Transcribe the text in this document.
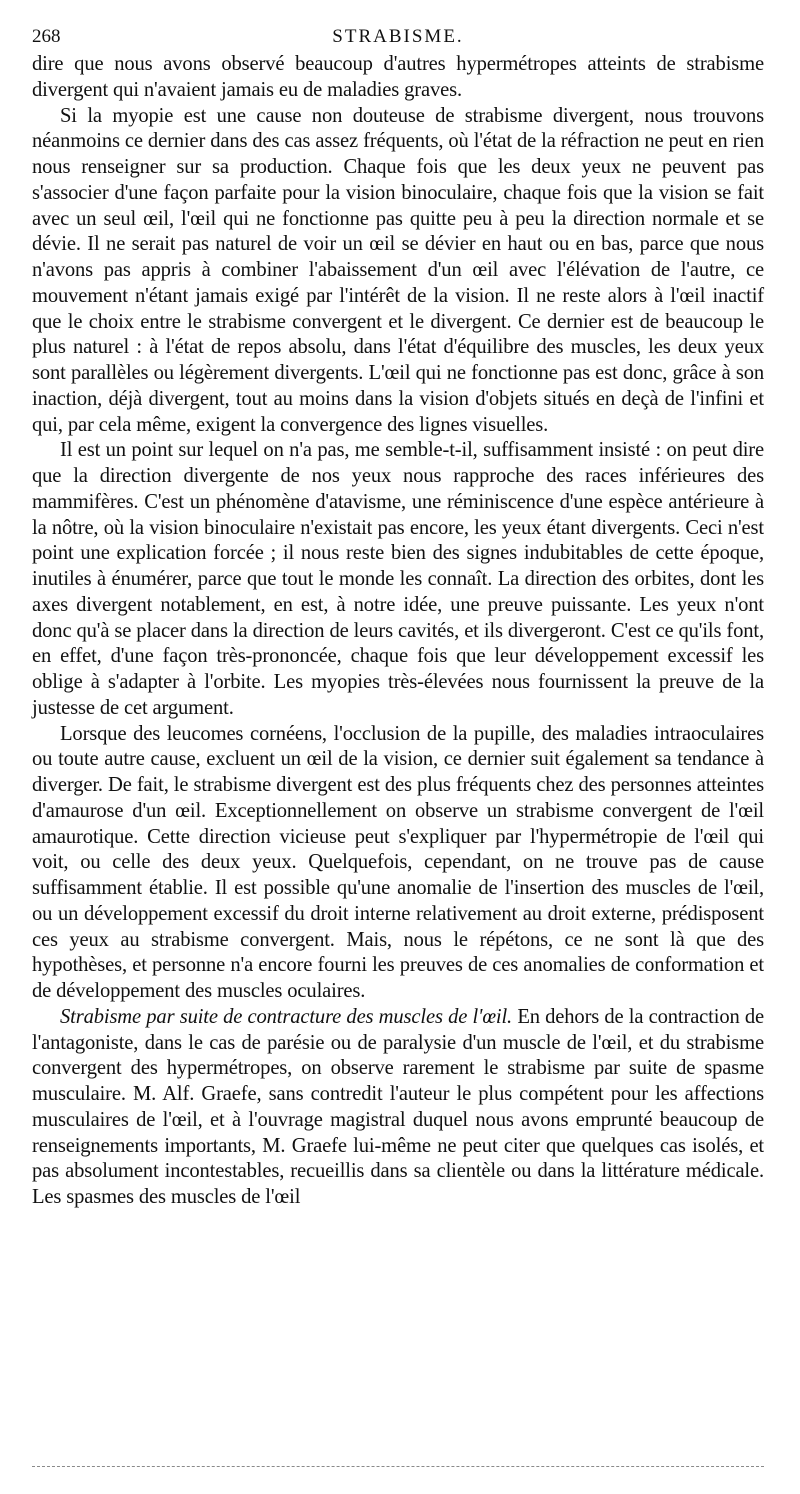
268	STRABISME.

dire que nous avons observé beaucoup d'autres hypermétropes atteints de strabisme divergent qui n'avaient jamais eu de maladies graves.

Si la myopie est une cause non douteuse de strabisme divergent, nous trouvons néanmoins ce dernier dans des cas assez fréquents, où l'état de la réfraction ne peut en rien nous renseigner sur sa production. Chaque fois que les deux yeux ne peuvent pas s'associer d'une façon parfaite pour la vision binoculaire, chaque fois que la vision se fait avec un seul œil, l'œil qui ne fonctionne pas quitte peu à peu la direction normale et se dévie. Il ne serait pas naturel de voir un œil se dévier en haut ou en bas, parce que nous n'avons pas appris à combiner l'abaissement d'un œil avec l'élévation de l'autre, ce mouvement n'étant jamais exigé par l'intérêt de la vision. Il ne reste alors à l'œil inactif que le choix entre le strabisme convergent et le divergent. Ce dernier est de beaucoup le plus naturel : à l'état de repos absolu, dans l'état d'équilibre des muscles, les deux yeux sont parallèles ou légèrement divergents. L'œil qui ne fonctionne pas est donc, grâce à son inaction, déjà divergent, tout au moins dans la vision d'objets situés en deçà de l'infini et qui, par cela même, exigent la convergence des lignes visuelles.

Il est un point sur lequel on n'a pas, me semble-t-il, suffisamment insisté : on peut dire que la direction divergente de nos yeux nous rapproche des races inférieures des mammifères. C'est un phénomène d'atavisme, une réminiscence d'une espèce antérieure à la nôtre, où la vision binoculaire n'existait pas encore, les yeux étant divergents. Ceci n'est point une explication forcée ; il nous reste bien des signes indubitables de cette époque, inutiles à énumérer, parce que tout le monde les connaît. La direction des orbites, dont les axes divergent notablement, en est, à notre idée, une preuve puissante. Les yeux n'ont donc qu'à se placer dans la direction de leurs cavités, et ils divergeront. C'est ce qu'ils font, en effet, d'une façon très-prononcée, chaque fois que leur développement excessif les oblige à s'adapter à l'orbite. Les myopies très-élevées nous fournissent la preuve de la justesse de cet argument.

Lorsque des leucomes cornéens, l'occlusion de la pupille, des maladies intraoculaires ou toute autre cause, excluent un œil de la vision, ce dernier suit également sa tendance à diverger. De fait, le strabisme divergent est des plus fréquents chez des personnes atteintes d'amaurose d'un œil. Exceptionnellement on observe un strabisme convergent de l'œil amaurotique. Cette direction vicieuse peut s'expliquer par l'hypermétropie de l'œil qui voit, ou celle des deux yeux. Quelquefois, cependant, on ne trouve pas de cause suffisamment établie. Il est possible qu'une anomalie de l'insertion des muscles de l'œil, ou un développement excessif du droit interne relativement au droit externe, prédisposent ces yeux au strabisme convergent. Mais, nous le répétons, ce ne sont là que des hypothèses, et personne n'a encore fourni les preuves de ces anomalies de conformation et de développement des muscles oculaires.

Strabisme par suite de contracture des muscles de l'œil. En dehors de la contraction de l'antagoniste, dans le cas de parésie ou de paralysie d'un muscle de l'œil, et du strabisme convergent des hypermétropes, on observe rarement le strabisme par suite de spasme musculaire. M. Alf. Graefe, sans contredit l'auteur le plus compétent pour les affections musculaires de l'œil, et à l'ouvrage magistral duquel nous avons emprunté beaucoup de renseignements importants, M. Graefe lui-même ne peut citer que quelques cas isolés, et pas absolument incontestables, recueillis dans sa clientèle ou dans la littérature médicale. Les spasmes des muscles de l'œil
